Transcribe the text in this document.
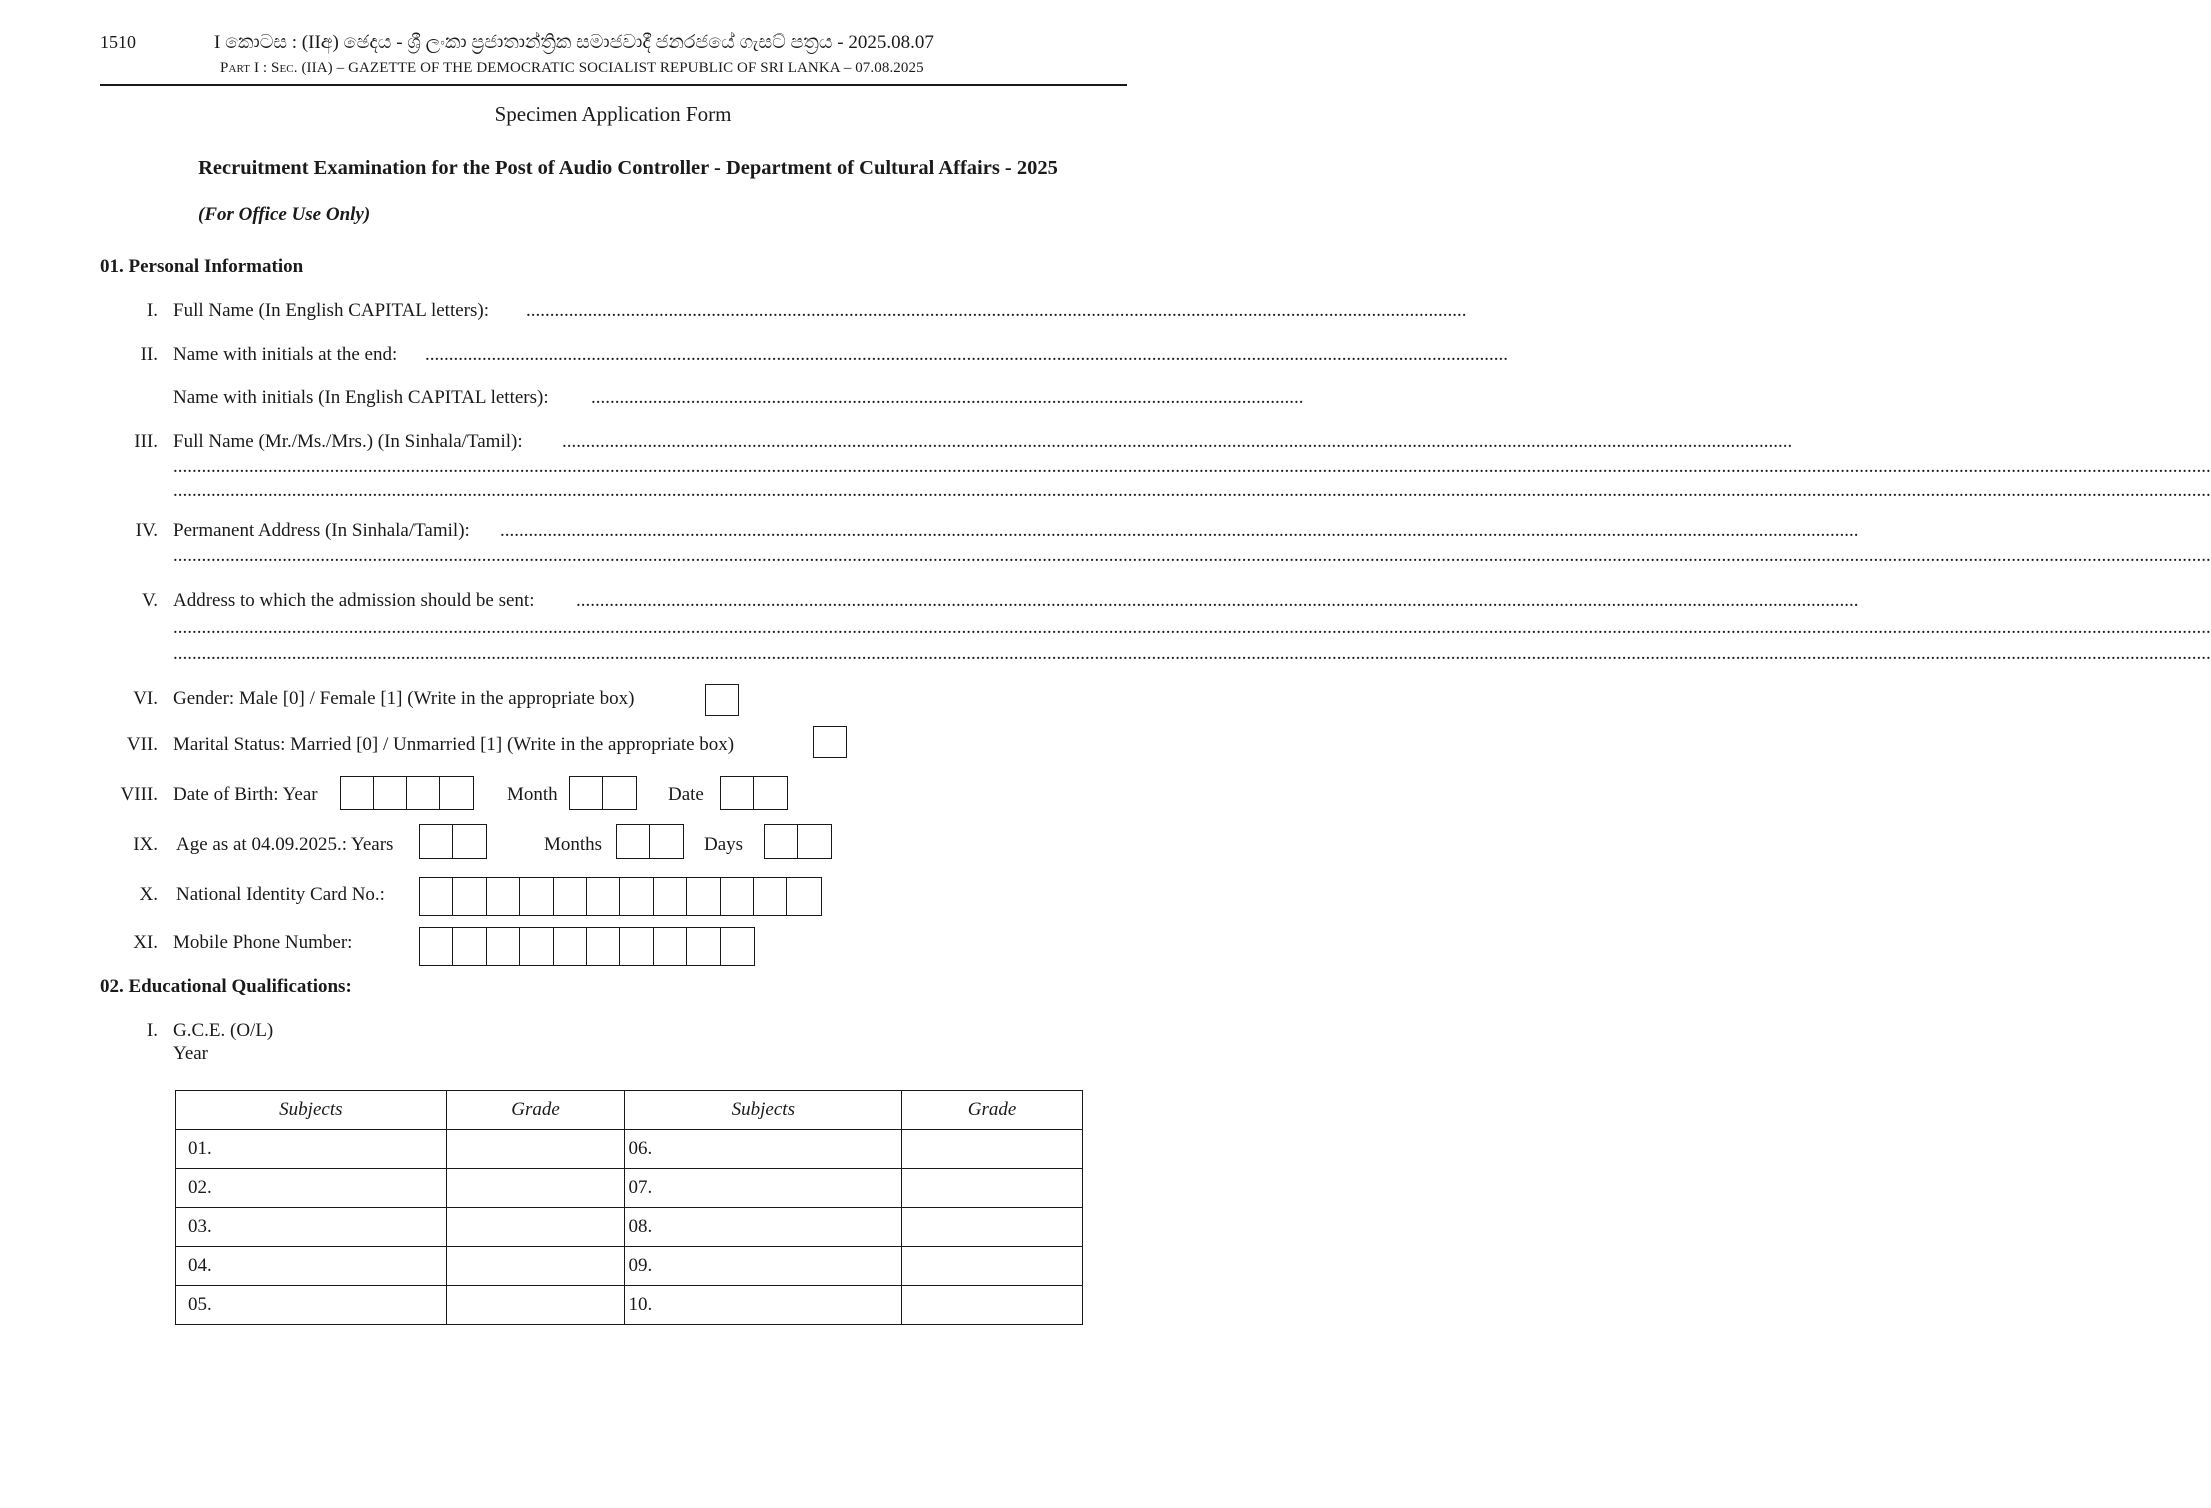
1510	I කොටස : (IIඅ) ඡෙදය - ශ්‍රී ලංකා ප්‍රජාතාන්ත්‍රික සමාජවාදී ජනරජයේ ගැසට් පත්‍රය - 2025.08.07
Part I : Sec. (IIA) – GAZETTE OF THE DEMOCRATIC SOCIALIST REPUBLIC OF SRI LANKA – 07.08.2025
Specimen Application Form
Recruitment Examination for the Post of Audio Controller - Department of Cultural Affairs - 2025
(For Office Use Only)
01. Personal Information
I. Full Name (In English CAPITAL letters): ......................................................................................................................................................................................................
II. Name with initials at the end: ....................................................................................................................................................................................................................................
Name with initials (In English CAPITAL letters): ......................................................................................................................................................
III. Full Name (Mr./Ms./Mrs.) (In Sinhala/Tamil): ...................................................................................................................................................................................................................................................................
.............................................................................................................................................................................................................................................................................................................................................................................................................................................
.............................................................................................................................................................................................................................................................................................................................................................................................................................................
IV. Permanent Address (In Sinhala/Tamil): ..............................................................................................................................................................................................................................................................................................
.............................................................................................................................................................................................................................................................................................................................................................................................................................................
V. Address to which the admission should be sent: ..............................................................................................................................................................................................................................................................................
.............................................................................................................................................................................................................................................................................................................................................................................................................................................
.............................................................................................................................................................................................................................................................................................................................................................................................................................................
VI. Gender: Male [0] / Female [1] (Write in the appropriate box)
VII. Marital Status: Married [0] / Unmarried [1] (Write in the appropriate box)
VIII. Date of Birth: Year	Month	Date
IX. Age as at 04.09.2025.: Years	Months	Days
X. National Identity Card No.:
XI. Mobile Phone Number:
02. Educational Qualifications:
I. G.C.E. (O/L)
Year
Subjects	Grade	Subjects	Grade
01.		06.	
02.		07.	
03.		08.	
04.		09.	
05.		10.	
